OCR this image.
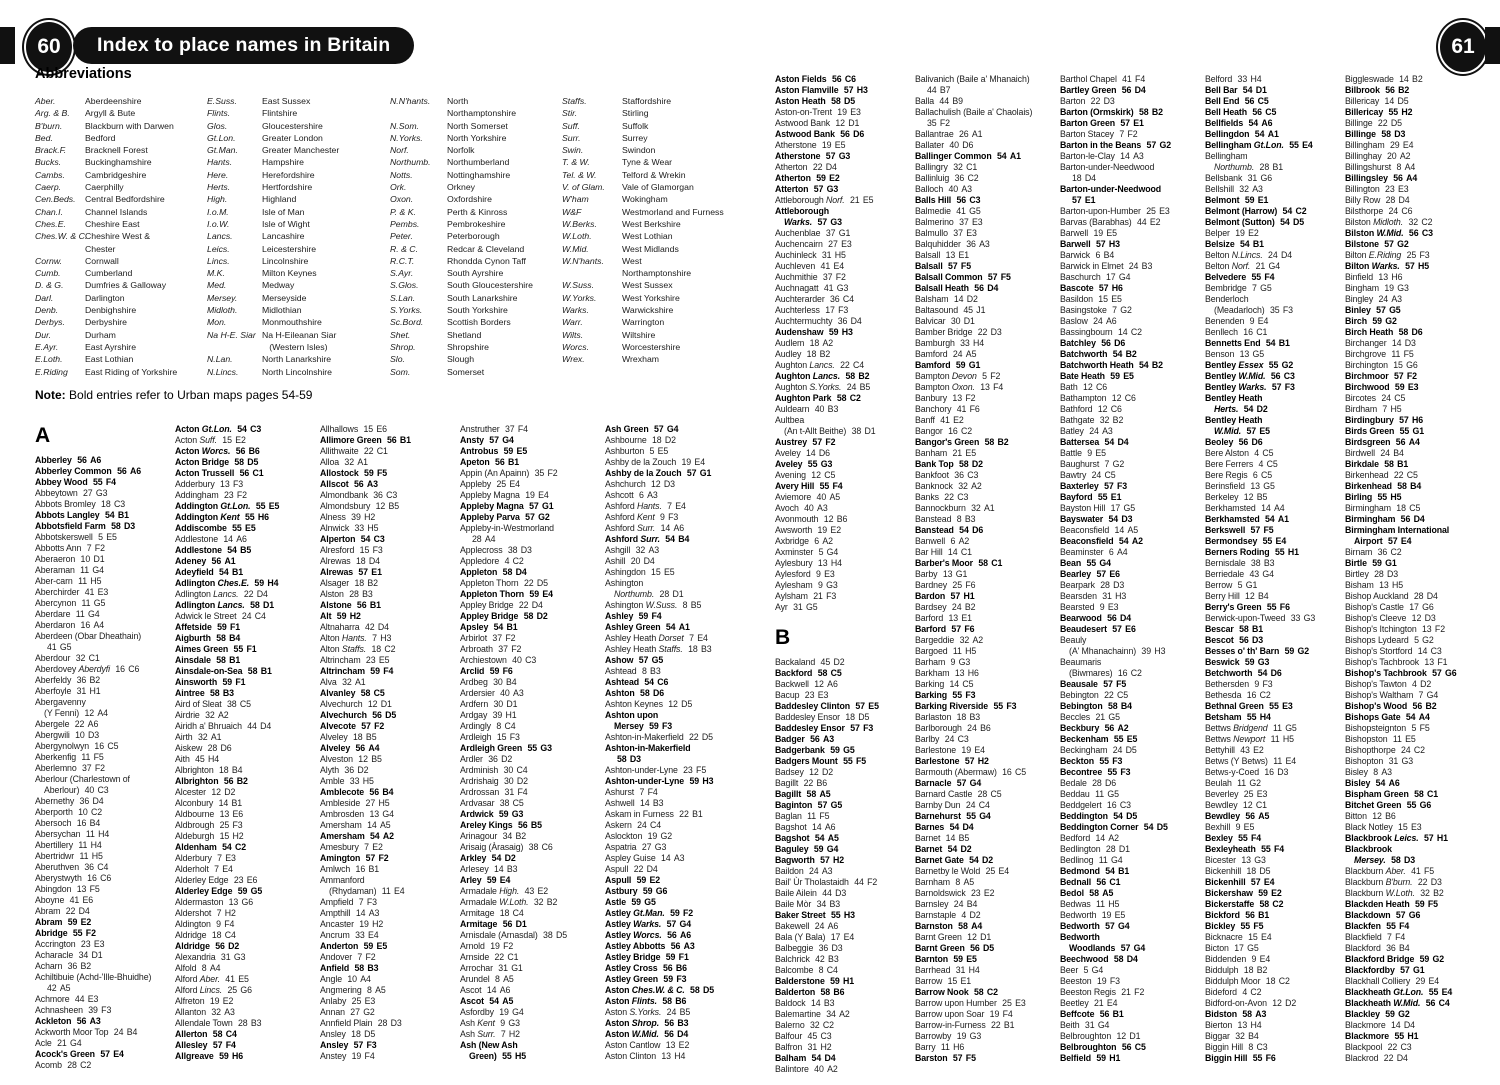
60 Index to place names in Britain	61
Abbreviations
Aber.	Aberdeenshire
Arg. & B.	Argyll & Bute
B'burn.	Blackburn with Darwen
Bed.	Bedford
Brack.F.	Bracknell Forest
Bucks.	Buckinghamshire
Cambs.	Cambridgeshire
Caerp.	Caerphilly
Cen.Beds.	Central Bedfordshire
Chan.I.	Channel Islands
Ches.E.	Cheshire East
Ches.W. & C.
Cheshire West &
Chester
Cornw.	Cornwall
Cumb.	Cumberland
D. & G.	Dumfries & Galloway
Darl.	Darlington
Denb.	Denbighshire
Derbys.	Derbyshire
Dur.	Durham
E.Ayr.	East Ayrshire
E.Loth.	East Lothian
E.Riding	East Riding of Yorkshire
E.Suss.	East Sussex
Flints.	Flintshire
Glos.	Gloucestershire
Gt.Lon.	Greater London
Gt.Man.	Greater Manchester
Hants.	Hampshire
Here.	Herefordshire
Herts.	Hertfordshire
High.	Highland
I.o.M.	Isle of Man
I.o.W.	Isle of Wight
Lancs.	Lancashire
Leics.	Leicestershire
Lincs.	Lincolnshire
M.K.	Milton Keynes
Med.	Medway
Mersey.	Merseyside
Midloth.	Midlothian
Mon.	Monmouthshire
Na H-E. Siar Na H-Eileanan Siar
(Western Isles)
N.Lan.	North Lanarkshire
N.Lincs.	North Lincolnshire
N.N'hants.	North
Northamptonshire
N.Som.	North Somerset
N.Yorks.	North Yorkshire
Norf.	Norfolk
Northumb.	Northumberland
Notts.	Nottinghamshire
Ork.	Orkney
Oxon.	Oxfordshire
P. & K.	Perth & Kinross
Pembs.	Pembrokeshire
Peter.	Peterborough
R. & C.	Redcar & Cleveland
R.C.T.	Rhondda Cynon Taff
S.Ayr.	South Ayrshire
S.Glos.	South Gloucestershire
S.Lan.	South Lanarkshire
S.Yorks.	South Yorkshire
Sc.Bord.	Scottish Borders
Shet.	Shetland
Shrop.	Shropshire
Slo.	Slough
Som.	Somerset
Staffs.	Staffordshire
Stir.	Stirling
Suff.	Suffolk
Surr.	Surrey
Swin.	Swindon
T. & W.	Tyne & Wear
Tel. & W.	Telford & Wrekin
V. of Glam.	Vale of Glamorgan
W'ham	Wokingham
W&F	Westmorland and Furness
W.Berks.	West Berkshire
W.Loth.	West Lothian
W.Mid.	West Midlands
W.N'hants.	West
Northamptonshire
W.Suss.	West Sussex
W.Yorks.	West Yorkshire
Warks.	Warwickshire
Warr.	Warrington
Wilts.	Wiltshire
Worcs.	Worcestershire
Wrex.	Wrexham
Note: Bold entries refer to Urban maps pages 54-59
A
Abberley 56  A6
Abberley Common 56  A6
Abbey Wood 55  F4
Abbeytown 27  G3
Abbots Bromley 18  C3
Abbots Langley 54  B1
Abbotsfield Farm 58  D3
Abbotskerswell 5  E5
Abbotts Ann 7  F2
Aberaeron 10  D1
Aberaman 11  G4
Aber-carn 11  H5
Aberchirder 41  E3
Abercynon 11  G5
Aberdare 11  G4
Aberdaron 16  A4
Aberdeen (Obar Dheathain)
41  G5
Aberdour 32  C1
Aberdovey Aberdyfi 16  C6
Aberfeldy 36  B2
Aberfoyle 31  H1
Abergavenny
(Y Fenni) 12  A4
Abergele 22  A6
Abergwili 10  D3
Abergynolwyn 16  C5
Aberkenfig 11  F5
Aberlemno 37  F2
Aberlour (Charlestown of
Aberlour) 40  C3
Abernethy 36  D4
Aberporth 10  C2
Abersoch 16  B4
Abersychan 11  H4
Abertillery 11  H4
Abertridwr 11  H5
Aberuthven 36  C4
Aberystwyth 16  C6
Abingdon 13  F5
Aboyne 41  E6
Abram 22  D4
Abram 59  E2
Abridge 55  F2
Accrington 23  E3
Acharacle 34  D1
Acharn 36  B2
Achiltibuie (Achd-'Ille-Bhuidhe)
42  A5
Achmore 44  E3
Achnasheen 39  F3
Ackleton 56  A3
Ackworth Moor Top 24  B4
Acle 21  G4
Acock's Green 57  E4
Acomb 28  C2
Acton Gt.Lon. 54  C3
Acton Suff. 15  E2
Acton Worcs. 56  B6
Acton Bridge 58  D5
Acton Trussell 56  C1
Adderbury 13  F3
Addingham 23  F2
Addington Gt.Lon. 55  E5
Addington Kent 55  H6
Addiscombe 55  E5
Addlestone 14  A6
Addlestone 54  B5
Adeney 56  A1
Adeyfield 54  B1
Adlington Ches.E. 59  H4
Adlington Lancs. 22  D4
Adlington Lancs. 58  D1
Adwick le Street 24  C4
Affetside 59  F1
Aigburth 58  B4
Aimes Green 55  F1
Ainsdale 58  B1
Ainsdale-on-Sea 58  B1
Ainsworth 59  F1
Aintree 58  B3
Aird of Sleat 38  C5
Airdrie 32  A2
Airidh a' Bhruaich 44  D4
Airth 32  A1
Aiskew 28  D6
Aith 45  H4
Albrighton 18  B4
Albrighton 56  B2
Alcester 12  D2
Alconbury 14  B1
Aldbourne 13  E6
Aldbrough 25  F3
Aldeburgh 15  H2
Aldenham 54  C2
Alderbury 7  E3
Alderholt 7  E4
Alderley Edge 23  E6
Alderley Edge 59  G5
Aldermaston 13  G6
Aldershot 7  H2
Aldington 9  F4
Aldridge 18  C4
Aldridge 56  D2
Alexandria 31  G3
Alfold 8  A4
Alford Aber. 41  E5
Alford Lincs. 25  G6
Alfreton 19  E2
Allanton 32  A3
Allendale Town 28  B3
Allerton 58  C4
Allesley 57  F4
Allgreave 59  H6
Allhallows 15  E6
Allimore Green 56  B1
Allithwaite 22  C1
Alloa 32  A1
Allostock 59  F5
Allscot 56  A3
Almondbank 36  C3
Almondsbury 12  B5
Alness 39  H2
Alnwick 33  H5
Alperton 54  C3
Alresford 15  F3
Alrewas 18  D4
Alrewas 57  E1
Alsager 18  B2
Alston 28  B3
Alstone 56  B1
Alt 59  H2
Altnaharra 42  D4
Alton Hants. 7  H3
Alton Staffs. 18  C2
Altrincham 23  E5
Altrincham 59  F4
Alva 32  A1
Alvanley 58  C5
Alvechurch 12  D1
Alvechurch 56  D5
Alvecote 57  F2
Alveley 18  B5
Alveley 56  A4
Alveston 12  B5
Alyth 36  D2
Amble 33  H5
Amblecote 56  B4
Ambleside 27  H5
Ambrosden 13  G4
Amersham 14  A5
Amersham 54  A2
Amesbury 7  E2
Amington 57  F2
Amlwch 16  B1
Ammanford
(Rhydaman) 11  E4
Ampfield 7  F3
Ampthill 14  A3
Ancaster 19  H2
Ancrum 33  E4
Anderton 59  E5
Andover 7  F2
Anfield 58  B3
Angle 10  A4
Angmering 8  A5
Anlaby 25  E3
Annan 27  G2
Annfield Plain 28  D3
Ansley 18  D5
Ansley 57  F3
Anstey 19  F4
Anstruther 37  F4
Ansty 57  G4
Antrobus 59  E5
Apeton 56  B1
Appin (An Apainn) 35  F2
Appleby 25  E4
Appleby Magna 19  E4
Appleby Magna 57  G1
Appleby Parva 57  G2
Appleby-in-Westmorland
28  A4
Applecross 38  D3
Appledore 4  C2
Appleton 58  D4
Appleton Thorn 22  D5
Appleton Thorn 59  E4
Appley Bridge 22  D4
Appley Bridge 58  D2
Apsley 54  B1
Arbirlot 37  F2
Arbroath 37  F2
Archiestown 40  C3
Arclid 59  F6
Ardbeg 30  B4
Ardersier 40  A3
Ardfern 30  D1
Ardgay 39  H1
Ardingly 8  C4
Ardleigh 15  F3
Ardleigh Green 55  G3
Ardler 36  D2
Ardminish 30  C4
Ardrishaig 30  D2
Ardrossan 31  F4
Ardvasar 38  C5
Ardwick 59  G3
Areley Kings 56  B5
Arinagour 34  B2
Arisaig (Àrasaig) 38  C6
Arkley 54  D2
Arlesey 14  B3
Arley 59  E4
Armadale High. 43  E2
Armadale W.Loth. 32  B2
Armitage 18  C4
Armitage 56  D1
Arnisdale (Arnasdal) 38  D5
Arnold 19  F2
Arnside 22  C1
Arrochar 31  G1
Arundel 8  A5
Ascot 14  A6
Ascot 54  A5
Asfordby 19  G4
Ash Kent 9  G3
Ash Surr. 7  H2
Ash (New Ash
Green) 55  H5
Ash Green 57  G4
Ashbourne 18  D2
Ashburton 5  E5
Ashby de la Zouch 19  E4
Ashby de la Zouch 57  G1
Ashchurch 12  D3
Ashcott 6  A3
Ashford Hants. 7  E4
Ashford Kent 9  F3
Ashford Surr. 14  A6
Ashford Surr. 54  B4
Ashgill 32  A3
Ashill 20  D4
Ashingdon 15  E5
Ashington
Northumb. 28  D1
Ashington W.Suss. 8  B5
Ashley 59  F4
Ashley Green 54  A1
Ashley Heath Dorset 7  E4
Ashley Heath Staffs. 18  B3
Ashow 57  G5
Ashtead 8  B3
Ashtead 54  C6
Ashton 58  D6
Ashton Keynes 12  D5
Ashton upon
Mersey 59  F3
Ashton-in-Makerfield 22  D5
Ashton-in-Makerfield
58  D3
Ashton-under-Lyne 23  F5
Ashton-under-Lyne 59  H3
Ashurst 7  F4
Ashwell 14  B3
Askam in Furness 22  B1
Askern 24  C4
Aslockton 19  G2
Aspatria 27  G3
Aspley Guise 14  A3
Aspull 22  D4
Aspull 59  E2
Astbury 59  G6
Astle 59  G5
Astley Gt.Man. 59  F2
Astley Warks. 57  G4
Astley Worcs. 56  A6
Astley Abbotts 56  A3
Astley Bridge 59  F1
Astley Cross 56  B6
Astley Green 59  F3
Aston Ches.W. & C. 58  D5
Aston Flints. 58  B6
Aston S.Yorks. 24  B5
Aston Shrop. 56  B3
Aston W.Mid. 56  D4
Aston Cantlow 13  E2
Aston Clinton 13  H4
Aston Fields 56  C6
Aston Flamville 57  H3
Aston Heath 58  D5
Aston-on-Trent 19  E3
Astwood Bank 12  D1
Astwood Bank 56  D6
Atherstone 19  E5
Atherstone 57  G3
Atherton 22  D4
Atherton 59  E2
Atterton 57  G3
Attleborough Norf. 21  E5
Attleborough
Warks. 57  G3
Auchenblae 37  G1
Auchencairn 27  E3
Auchinleck 31  H5
Auchleven 41  E4
Auchmithie 37  F2
Auchnagatt 41  G3
Auchterarder 36  C4
Auchterless 17  F3
Auchtermuchty 36  D4
Audenshaw 59  H3
Audlem 18  A2
Audley 18  B2
Aughton Lancs. 22  C4
Aughton Lancs. 58  B2
Aughton S.Yorks. 24  B5
Aughton Park 58  C2
Auldearn 40  B3
Aultbea
(An t-Allt Beithe) 38  D1
Austrey 57  F2
Aveley 14  D6
Aveley 55  G3
Avening 12  C5
Avery Hill 55  F4
Aviemore 40  A5
Avoch 40  A3
Avonmouth 12  B6
Awsworth 19  E2
Axbridge 6  A2
Axminster 5  G4
Aylesbury 13  H4
Aylesford 9  E3
Aylesham 9  G3
Aylsham 21  F3
Ayr 31  G5
B
Backaland 45  D2
Backford 58  C5
Backwell 12  A6
Bacup 23  E3
Baddesley Clinton 57  E5
Baddesley Ensor 18  D5
Baddesley Ensor 57  F3
Badger 56  A3
Badgerbank 59  G5
Badgers Mount 55  F5
Badsey 12  D2
Bagillt 22  B6
Bagillt 58  A5
Baginton 57  G5
Baglan 11  F5
Bagshot 14  A6
Bagshot 54  A5
Baguley 59  G4
Bagworth 57  H2
Baildon 24  A3
Bail' Ùr Tholastaidh 44  F2
Baile Ailein 44  D3
Baile Mòr 34  B3
Baker Street 55  H3
Bakewell 24  A6
Bala (Y Bala) 17  E4
Balbeggie 36  D3
Balchrick 42  B3
Balcombe 8  C4
Balderstone 59  H1
Balderton 58  B6
Baldock 14  B3
Balemartine 34  A2
Balerno 32  C2
Balfour 45  C3
Balfron 31  H2
Balham 54  D4
Balintore 40  A2
Balivanich (Baile a' Mhanaich)
44  B7
Balla 44  B9
Ballachulish (Baile a' Chaolais)
35  F2
Ballantrae 26  A1
Ballater 40  D6
Ballinger Common 54  A1
Ballingry 32  C1
Ballinluig 36  C2
Balloch 40  A3
Balls Hill 56  C3
Balmedie 41  G5
Balmerino 37  E3
Balmullo 37  E3
Balquhidder 36  A3
Balsall 13  E1
Balsall 57  F5
Balsall Common 57  F5
Balsall Heath 56  D4
Balsham 14  D2
Baltasound 45  J1
Balvicar 30  D1
Bamber Bridge 22  D3
Bamburgh 33  H4
Bamford 24  A5
Bamford 59  G1
Bampton Devon 5  F2
Bampton Oxon. 13  F4
Banbury 13  F2
Banchory 41  F6
Banff 41  E2
Bangor 16  C2
Bangor's Green 58  B2
Banham 21  E5
Bank Top 58  D2
Bankfoot 36  C3
Banknock 32  A2
Banks 22  C3
Bannockburn 32  A1
Banstead 8  B3
Banstead 54  D6
Banwell 6  A2
Bar Hill 14  C1
Barber's Moor 58  C1
Barby 13  G1
Bardney 25  F6
Bardon 57  H1
Bardsey 24  B2
Barford 13  E1
Barford 57  F6
Bargeddie 32  A2
Bargoed 11  H5
Barham 9  G3
Barkham 13  H6
Barking 14  C5
Barking 55  F3
Barking Riverside 55  F3
Barlaston 18  B3
Barlborough 24  B6
Barlby 24  C3
Barlestone 19  E4
Barlestone 57  H2
Barmouth (Abermaw) 16  C5
Barnacle 57  G4
Barnard Castle 28  C5
Barnby Dun 24  C4
Barnehurst 55  G4
Barnes 54  D4
Barnet 14  B5
Barnet 54  D2
Barnet Gate 54  D2
Barnetby le Wold 25  E4
Barnham 8  A5
Barnoldswick 23  E2
Barnsley 24  B4
Barnstaple 4  D2
Barnston 58  A4
Barnt Green 12  D1
Barnt Green 56  D5
Barnton 59  E5
Barrhead 31  H4
Barrow 15  E1
Barrow Nook 58  C2
Barrow upon Humber 25  E3
Barrow upon Soar 19  F4
Barrow-in-Furness 22  B1
Barrowby 19  G3
Barry 11  H6
Barston 57  F5
Barthol Chapel 41  F4
Bartley Green 56  D4
Barton 22  D3
Barton (Ormskirk) 58  B2
Barton Green 57  E1
Barton Stacey 7  F2
Barton in the Beans 57  G2
Barton-le-Clay 14  A3
Barton-under-Needwood
18  D4
Barton-under-Needwood
57  E1
Barton-upon-Humber 25  E3
Barvas (Barabhas) 44  E2
Barwell 19  E5
Barwell 57  H3
Barwick 6  B4
Barwick in Elmet 24  B3
Baschurch 17  G4
Bascote 57  H6
Basildon 15  E5
Basingstoke 7  G2
Baslow 24  A6
Bassingbourn 14  C2
Batchley 56  D6
Batchworth 54  B2
Batchworth Heath 54  B2
Bate Heath 59  E5
Bath 12  C6
Bathampton 12  C6
Bathford 12  C6
Bathgate 32  B2
Batley 24  A3
Battersea 54  D4
Battle 9  E5
Baughurst 7  G2
Bawtry 24  C5
Baxterley 57  F3
Bayford 55  E1
Bayston Hill 17  G5
Bayswater 54  D3
Beaconsfield 14  A5
Beaconsfield 54  A2
Beaminster 6  A4
Bean 55  G4
Bearley 57  E6
Bearpark 28  D3
Bearsden 31  H3
Bearsted 9  E3
Bearwood 56  D4
Beaudesert 57  E6
Beauly
(A' Mhanachainn) 39  H3
Beaumaris
(Biwmares) 16  C2
Beausale 57  F5
Bebington 22  C5
Bebington 58  B4
Beccles 21  G5
Beckbury 56  A2
Beckenham 55  E5
Beckingham 24  D5
Beckton 55  F3
Becontree 55  F3
Bedale 28  D6
Beddau 11  G5
Beddgelert 16  C3
Beddington 54  D5
Beddington Corner 54  D5
Bedford 14  A2
Bedlington 28  D1
Bedlinog 11  G4
Bedmond 54  B1
Bednall 56  C1
Bedol 58  A5
Bedwas 11  H5
Bedworth 19  E5
Bedworth 57  G4
Bedworth
Woodlands 57  G4
Beechwood 58  D4
Beer 5  G4
Beeston 19  F3
Beeston Regis 21  F2
Beetley 21  E4
Beffcote 56  B1
Beith 31  G4
Belbroughton 12  D1
Belbroughton 56  C5
Belfield 59  H1
Belford 33  H4
Bell Bar 54  D1
Bell End 56  C5
Bell Heath 56  C5
Bellfields 54  A6
Bellingdon 54  A1
Bellingham Gt.Lon. 55  E4
Bellingham
Northumb. 28  B1
Bellsbank 31  G6
Bellshill 32  A3
Belmont 59  E1
Belmont (Harrow) 54  C2
Belmont (Sutton) 54  D5
Belper 19  E2
Belsize 54  B1
Belton N.Lincs. 24  D4
Belton Norf. 21  G4
Belvedere 55  F4
Bembridge 7  G5
Benderloch
(Meadarloch) 35  F3
Benenden 9  E4
Benllech 16  C1
Bennetts End 54  B1
Benson 13  G5
Bentley Essex 55  G2
Bentley W.Mid. 56  C3
Bentley Warks. 57  F3
Bentley Heath
Herts. 54  D2
Bentley Heath
W.Mid. 57  E5
Beoley 56  D6
Bere Alston 4  C5
Bere Ferrers 4  C5
Bere Regis 6  C5
Berinsfield 13  G5
Berkeley 12  B5
Berkhamsted 14  A4
Berkhamsted 54  A1
Berkswell 57  F5
Bermondsey 55  E4
Berners Roding 55  H1
Bernisdale 38  B3
Berriedale 43  G4
Berrow 5  G1
Berry Hill 12  B4
Berry's Green 55  F6
Berwick-upon-Tweed 33  G3
Bescar 58  B1
Bescot 56  D3
Besses o' th' Barn 59  G2
Beswick 59  G3
Betchworth 54  D6
Bethersden 9  F3
Bethesda 16  C2
Bethnal Green 55  E3
Betsham 55  H4
Bettws Bridgend 11  G5
Bettws Newport 11  H5
Bettyhill 43  E2
Betws (Y Betws) 11  E4
Betws-y-Coed 16  D3
Beulah 11  G2
Beverley 25  E3
Bewdley 12  C1
Bewdley 56  A5
Bexhill 9  E5
Bexley 55  F4
Bexleyheath 55  F4
Bicester 13  G3
Bickenhill 18  D5
Bickenhill 57  E4
Bickershaw 59  E2
Bickerstaffe 58  C2
Bickford 56  B1
Bickley 55  F5
Bicknacre 15  E4
Bicton 17  G5
Biddenden 9  E4
Biddulph 18  B2
Biddulph Moor 18  C2
Bideford 4  C2
Bidford-on-Avon 12  D2
Bidston 58  A3
Bierton 13  H4
Biggar 32  B4
Biggin Hill 8  C3
Biggin Hill 55  F6
Biggleswade 14  B2
Bilbrook 56  B2
Billericay 14  D5
Billericay 55  H2
Billinge 22  D5
Billinge 58  D3
Billingham 29  E4
Billinghay 20  A2
Billingshurst 8  A4
Billingsley 56  A4
Billington 23  E3
Billy Row 28  D4
Bilsthorpe 24  C6
Bilston Midloth. 32  C2
Bilston W.Mid. 56  C3
Bilstone 57  G2
Bilton E.Riding 25  F3
Bilton Warks. 57  H5
Binfield 13  H6
Bingham 19  G3
Bingley 24  A3
Binley 57  G5
Birch 59  G2
Birch Heath 58  D6
Birchanger 14  D3
Birchgrove 11  F5
Birchington 15  G6
Birchmoor 57  F2
Birchwood 59  E3
Bircotes 24  C5
Birdham 7  H5
Birdingbury 57  H6
Birds Green 55  G1
Birdsgreen 56  A4
Birdwell 24  B4
Birkdale 58  B1
Birkenhead 22  C5
Birkenhead 58  B4
Birling 55  H5
Birmingham 18  C5
Birmingham 56  D4
Birmingham International
Airport 57  E4
Birnam 36  C2
Birtle 59  G1
Birtley 28  D3
Bisham 13  H5
Bishop Auckland 28  D4
Bishop's Castle 17  G6
Bishop's Cleeve 12  D3
Bishop's Itchington 13  F2
Bishops Lydeard 5  G2
Bishop's Stortford 14  C3
Bishop's Tachbrook 13  F1
Bishop's Tachbrook 57  G6
Bishop's Tawton 4  D2
Bishop's Waltham 7  G4
Bishop's Wood 56  B2
Bishops Gate 54  A4
Bishopsteignton 5  F5
Bishopston 11  E5
Bishopthorpe 24  C2
Bishopton 31  G3
Bisley 8  A3
Bisley 54  A6
Bispham Green 58  C1
Bitchet Green 55  G6
Bitton 12  B6
Black Notley 15  E3
Blackbrook Leics. 57  H1
Blackbrook
Mersey. 58  D3
Blackburn Aber. 41  F5
Blackburn B'burn. 22  D3
Blackburn W.Loth. 32  B2
Blackden Heath 59  F5
Blackdown 57  G6
Blackfen 55  F4
Blackfield 7  F4
Blackford 36  B4
Blackford Bridge 59  G2
Blackfordby 57  G1
Blackhall Colliery 29  E4
Blackheath Gt.Lon. 55  E4
Blackheath W.Mid. 56  C4
Blackley 59  G2
Blackmore 14  D4
Blackmore 55  H1
Blackpool 22  C3
Blackrod 22  D4
